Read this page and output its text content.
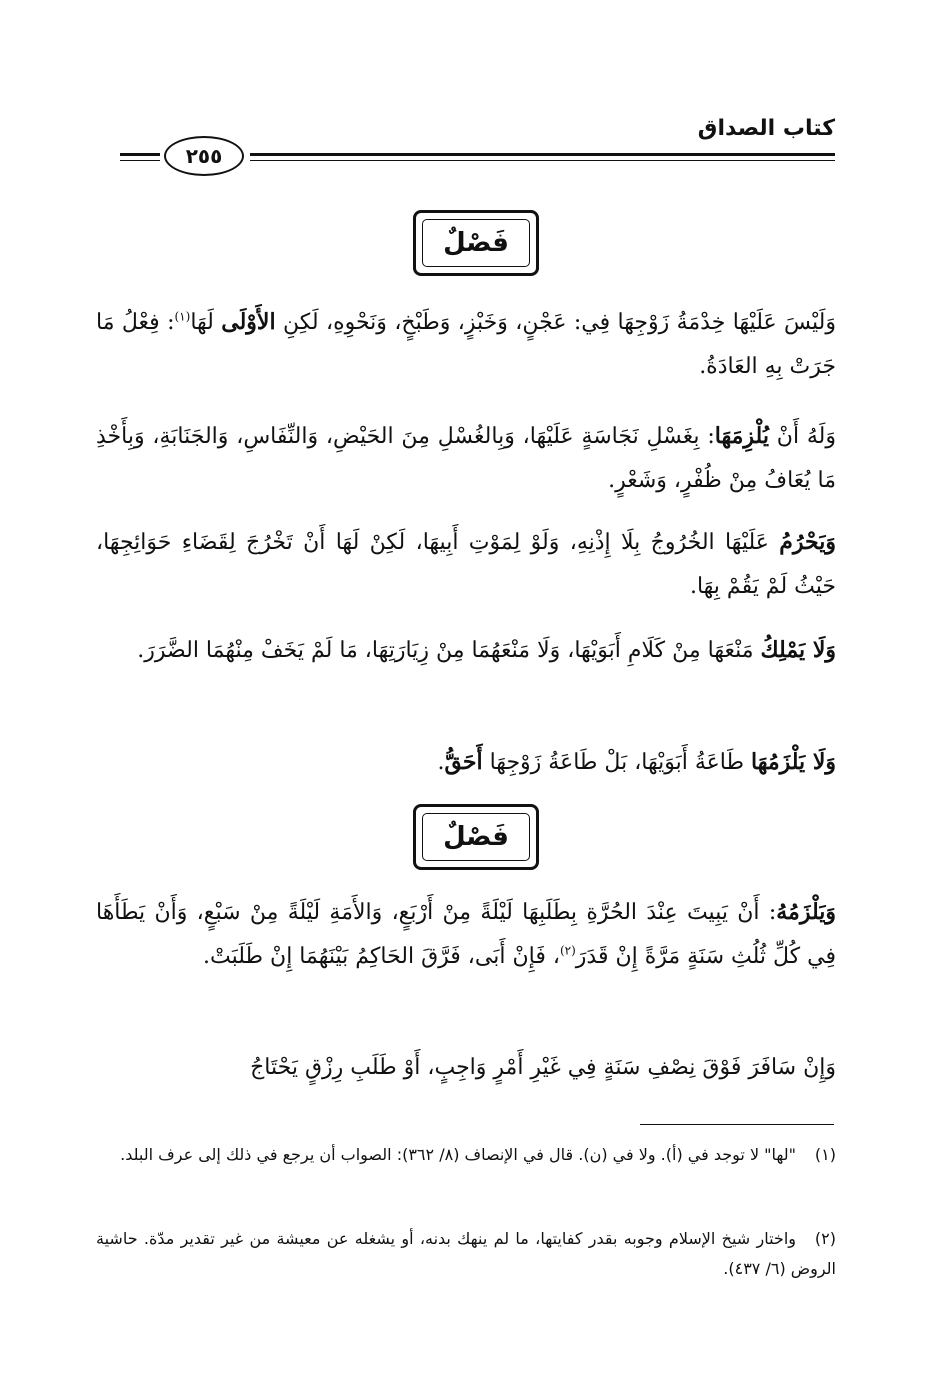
كتاب الصداق
٢٥٥
فَصْلٌ
فَصْلٌ

وَلَيْسَ عَلَيْهَا خِدْمَةُ زَوْجِهَا فِي: عَجْنٍ، وَخَبْزٍ، وَطَبْخٍ، وَنَحْوِهِ، لَكِنِ الأَوْلَى لَهَا$^{(١)}$: فِعْلُ مَا جَرَتْ بِهِ العَادَةُ.

وَلَهُ أَنْ يُلْزِمَهَا: بِغَسْلِ نَجَاسَةٍ عَلَيْهَا، وَبِالغُسْلِ مِنَ الحَيْضِ، وَالنِّفَاسِ، وَالجَنَابَةِ، وَبِأَخْذِ مَا يُعَافُ مِنْ ظُفْرٍ، وَشَعْرٍ.

وَيَحْرُمُ عَلَيْهَا الخُرُوجُ بِلَا إِذْنِهِ، وَلَوْ لِمَوْتِ أَبِيهَا، لَكِنْ لَهَا أَنْ تَخْرُجَ لِقَضَاءِ حَوَائِجِهَا، حَيْثُ لَمْ يَقُمْ بِهَا.

وَلَا يَمْلِكُ مَنْعَهَا مِنْ كَلَامِ أَبَوَيْهَا، وَلَا مَنْعَهُمَا مِنْ زِيَارَتِهَا، مَا لَمْ يَخَفْ مِنْهُمَا الضَّرَرَ.

وَلَا يَلْزَمُهَا طَاعَةُ أَبَوَيْهَا، بَلْ طَاعَةُ زَوْجِهَا أَحَقُّ.

وَيَلْزَمُهُ: أَنْ يَبِيتَ عِنْدَ الحُرَّةِ بِطَلَبِهَا لَيْلَةً مِنْ أَرْبَعٍ، وَالأَمَةِ لَيْلَةً مِنْ سَبْعٍ، وَأَنْ يَطَأَهَا فِي كُلِّ ثُلُثِ سَنَةٍ مَرَّةً إِنْ قَدَرَ$^{(٢)}$، فَإِنْ أَبَى، فَرَّقَ الحَاكِمُ بَيْنَهُمَا إِنْ طَلَبَتْ.

وَإِنْ سَافَرَ فَوْقَ نِصْفِ سَنَةٍ فِي غَيْرِ أَمْرٍ وَاجِبٍ، أَوْ طَلَبِ رِزْقٍ يَحْتَاجُ

(١)"لها" لا توجد في (أ). ولا في (ن). قال في الإنصاف (٨/ ٣٦٢): الصواب أن يرجع في ذلك إلى عرف البلد.
(٢)واختار شيخ الإسلام وجوبه بقدر كفايتها، ما لم ينهك بدنه، أو يشغله عن معيشة من غير تقدير مدّة. حاشية الروض (٦/ ٤٣٧).
